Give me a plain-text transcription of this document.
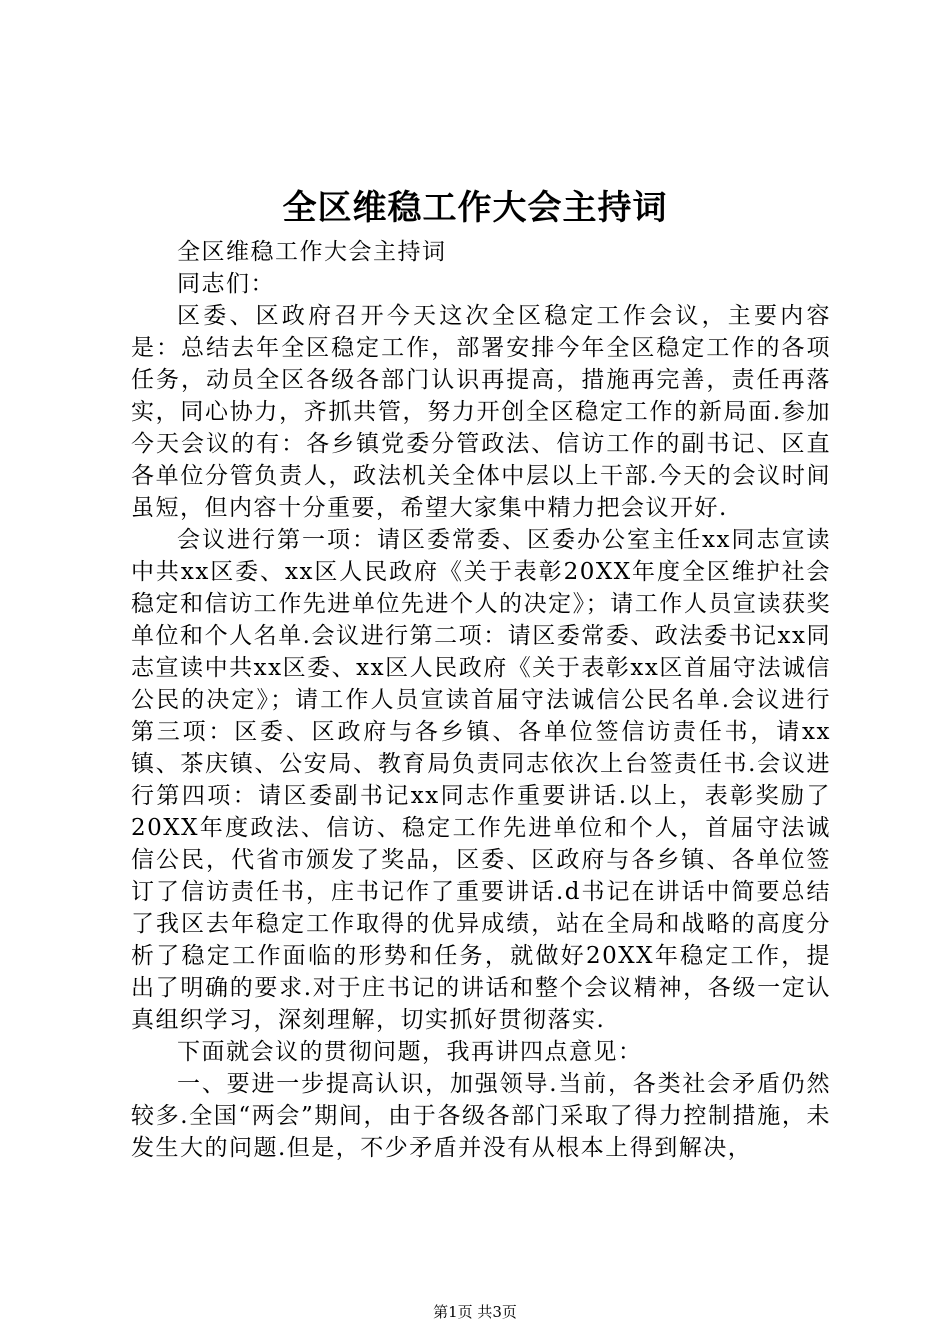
全区维稳工作大会主持词

全区维稳工作大会主持词

同志们：

区委、区政府召开今天这次全区稳定工作会议，主要内容是：总结去年全区稳定工作，部署安排今年全区稳定工作的各项任务，动员全区各级各部门认识再提高，措施再完善，责任再落实，同心协力，齐抓共管，努力开创全区稳定工作的新局面.参加今天会议的有：各乡镇党委分管政法、信访工作的副书记、区直各单位分管负责人，政法机关全体中层以上干部.今天的会议时间虽短，但内容十分重要，希望大家集中精力把会议开好.

会议进行第一项：请区委常委、区委办公室主任xx同志宣读中共xx区委、xx区人民政府《关于表彰20XX年度全区维护社会稳定和信访工作先进单位先进个人的决定》；请工作人员宣读获奖单位和个人名单.会议进行第二项：请区委常委、政法委书记xx同志宣读中共xx区委、xx区人民政府《关于表彰xx区首届守法诚信公民的决定》；请工作人员宣读首届守法诚信公民名单.会议进行第三项：区委、区政府与各乡镇、各单位签信访责任书，请xx镇、茶庆镇、公安局、教育局负责同志依次上台签责任书.会议进行第四项：请区委副书记xx同志作重要讲话.以上，表彰奖励了20XX年度政法、信访、稳定工作先进单位和个人，首届守法诚信公民，代省市颁发了奖品，区委、区政府与各乡镇、各单位签订了信访责任书，庄书记作了重要讲话.d书记在讲话中简要总结了我区去年稳定工作取得的优异成绩，站在全局和战略的高度分析了稳定工作面临的形势和任务，就做好20XX年稳定工作，提出了明确的要求.对于庄书记的讲话和整个会议精神，各级一定认真组织学习，深刻理解，切实抓好贯彻落实.

下面就会议的贯彻问题，我再讲四点意见：

一、要进一步提高认识，加强领导.当前，各类社会矛盾仍然较多.全国“两会”期间，由于各级各部门采取了得力控制措施，未发生大的问题.但是，不少矛盾并没有从根本上得到解决，

第1页 共3页
